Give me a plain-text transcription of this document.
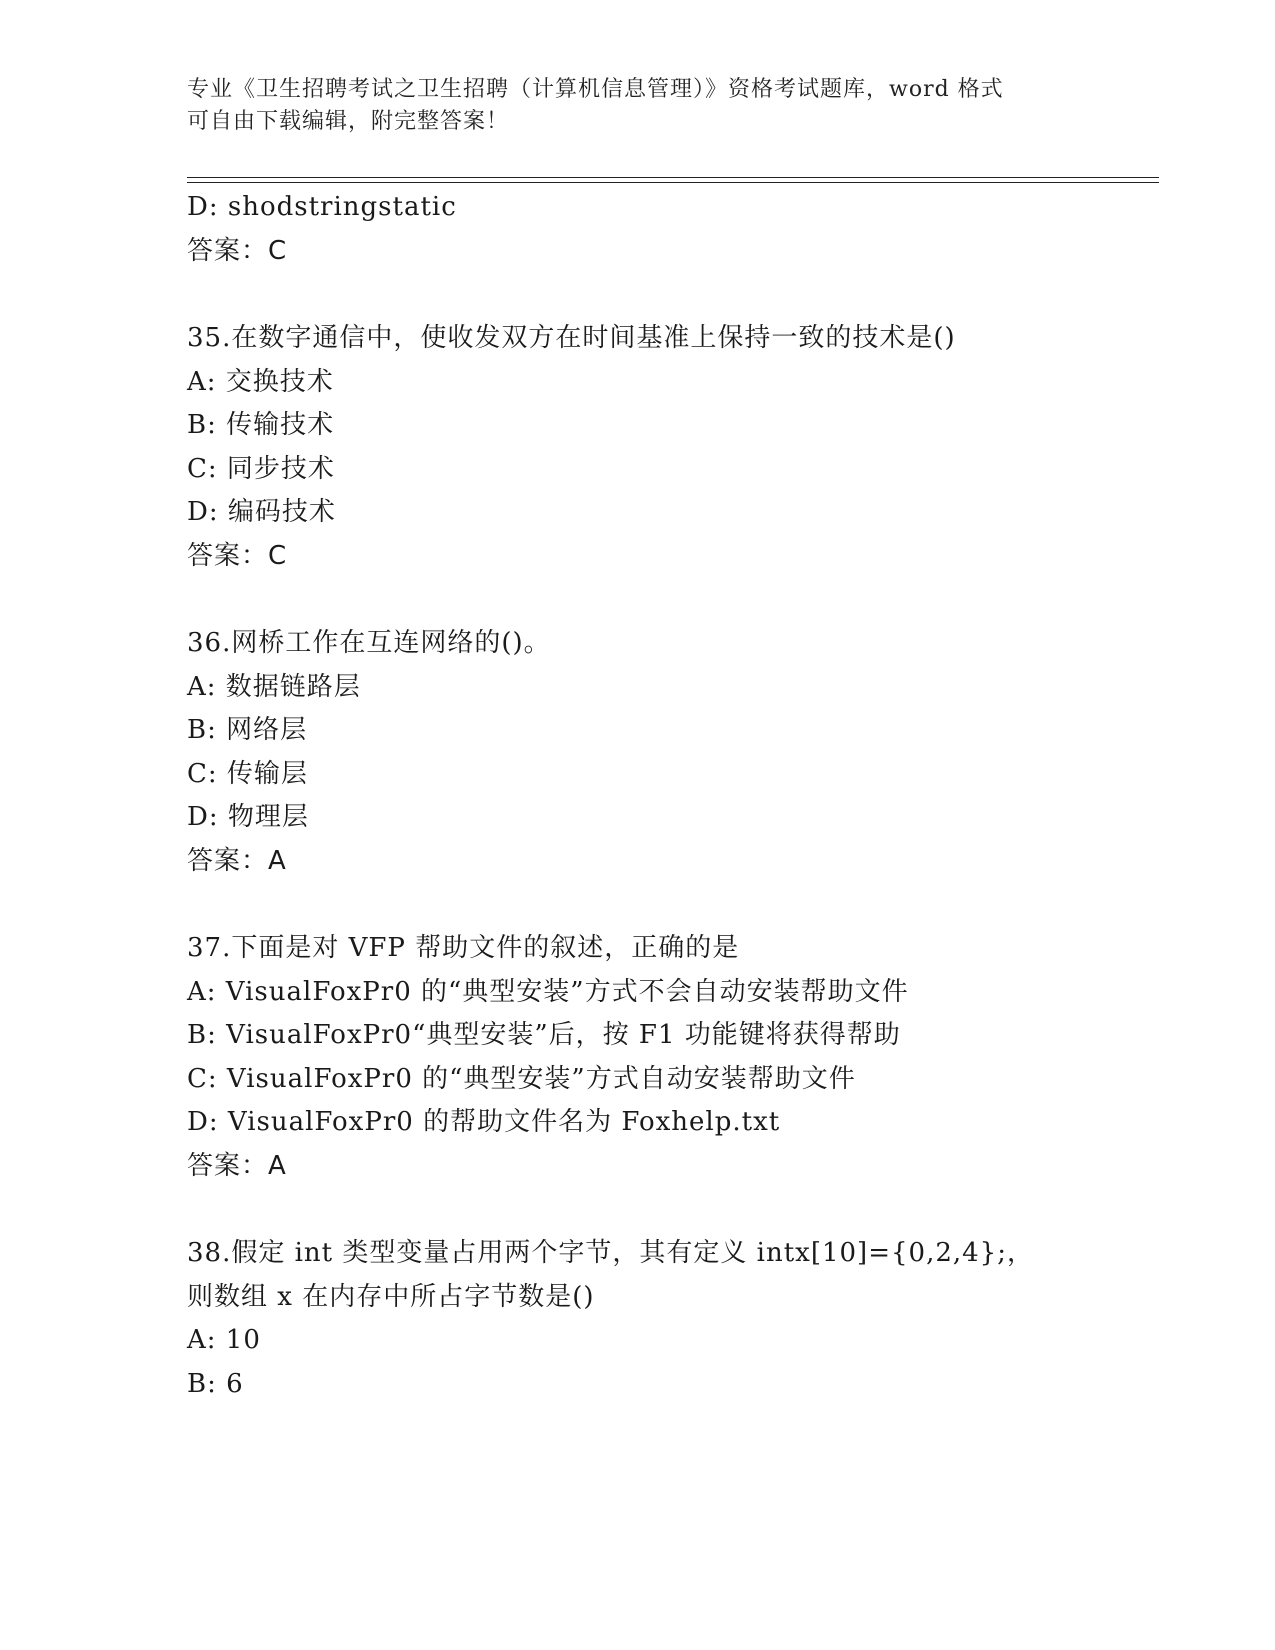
专业《卫生招聘考试之卫生招聘（计算机信息管理）》资格考试题库，word 格式
可自由下载编辑，附完整答案！
D: shodstringstatic
答案：C
35.在数字通信中，使收发双方在时间基准上保持一致的技术是()
A: 交换技术
B: 传输技术
C: 同步技术
D: 编码技术
答案：C
36.网桥工作在互连网络的()。
A: 数据链路层
B: 网络层
C: 传输层
D: 物理层
答案：A
37.下面是对 VFP 帮助文件的叙述，正确的是
A: VisualFoxPr0 的“典型安装”方式不会自动安装帮助文件
B: VisualFoxPr0“典型安装”后，按 F1 功能键将获得帮助
C: VisualFoxPr0 的“典型安装”方式自动安装帮助文件
D: VisualFoxPr0 的帮助文件名为 Foxhelp.txt
答案：A
38.假定 int 类型变量占用两个字节，其有定义 intx[10]={0,2,4};，
则数组 x 在内存中所占字节数是()
A: 10
B: 6
